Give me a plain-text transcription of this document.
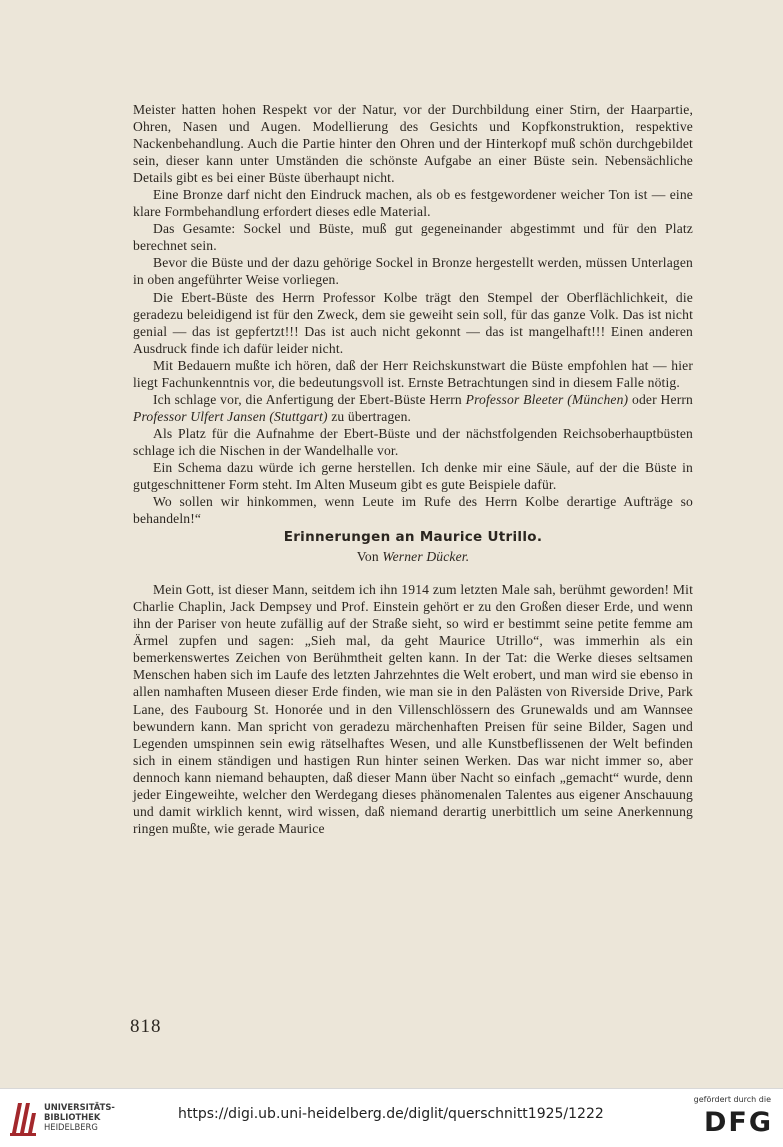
Meister hatten hohen Respekt vor der Natur, vor der Durchbildung einer Stirn, der Haarpartie, Ohren, Nasen und Augen. Modellierung des Gesichts und Kopfkonstruktion, respektive Nackenbehandlung. Auch die Partie hinter den Ohren und der Hinterkopf muß schön durchgebildet sein, dieser kann unter Umständen die schönste Aufgabe an einer Büste sein. Nebensächliche Details gibt es bei einer Büste überhaupt nicht.

Eine Bronze darf nicht den Eindruck machen, als ob es festgewordener weicher Ton ist — eine klare Formbehandlung erfordert dieses edle Material.

Das Gesamte: Sockel und Büste, muß gut gegeneinander abgestimmt und für den Platz berechnet sein.

Bevor die Büste und der dazu gehörige Sockel in Bronze hergestellt werden, müssen Unterlagen in oben angeführter Weise vorliegen.

Die Ebert-Büste des Herrn Professor Kolbe trägt den Stempel der Oberflächlichkeit, die geradezu beleidigend ist für den Zweck, dem sie geweiht sein soll, für das ganze Volk. Das ist nicht genial — das ist gepfertzt!!! Das ist auch nicht gekonnt — das ist mangelhaft!!! Einen anderen Ausdruck finde ich dafür leider nicht.

Mit Bedauern mußte ich hören, daß der Herr Reichskunstwart die Büste empfohlen hat — hier liegt Fachunkenntnis vor, die bedeutungsvoll ist. Ernste Betrachtungen sind in diesem Falle nötig.

Ich schlage vor, die Anfertigung der Ebert-Büste Herrn Professor Bleeter (München) oder Herrn Professor Ulfert Jansen (Stuttgart) zu übertragen.

Als Platz für die Aufnahme der Ebert-Büste und der nächstfolgenden Reichsoberhauptbüsten schlage ich die Nischen in der Wandelhalle vor.

Ein Schema dazu würde ich gerne herstellen. Ich denke mir eine Säule, auf der die Büste in gutgeschnittener Form steht. Im Alten Museum gibt es gute Beispiele dafür.

Wo sollen wir hinkommen, wenn Leute im Rufe des Herrn Kolbe derartige Aufträge so behandeln!“

Erinnerungen an Maurice Utrillo.

Von Werner Dücker.

Mein Gott, ist dieser Mann, seitdem ich ihn 1914 zum letzten Male sah, berühmt geworden! Mit Charlie Chaplin, Jack Dempsey und Prof. Einstein gehört er zu den Großen dieser Erde, und wenn ihn der Pariser von heute zufällig auf der Straße sieht, so wird er bestimmt seine petite femme am Ärmel zupfen und sagen: „Sieh mal, da geht Maurice Utrillo“, was immerhin als ein bemerkenswertes Zeichen von Berühmtheit gelten kann. In der Tat: die Werke dieses seltsamen Menschen haben sich im Laufe des letzten Jahrzehntes die Welt erobert, und man wird sie ebenso in allen namhaften Museen dieser Erde finden, wie man sie in den Palästen von Riverside Drive, Park Lane, des Faubourg St. Honorée und in den Villenschlössern des Grunewalds und am Wannsee bewundern kann. Man spricht von geradezu märchenhaften Preisen für seine Bilder, Sagen und Legenden umspinnen sein ewig rätselhaftes Wesen, und alle Kunstbeflissenen der Welt befinden sich in einem ständigen und hastigen Run hinter seinen Werken. Das war nicht immer so, aber dennoch kann niemand behaupten, daß dieser Mann über Nacht so einfach „gemacht“ wurde, denn jeder Eingeweihte, welcher den Werdegang dieses phänomenalen Talentes aus eigener Anschauung und damit wirklich kennt, wird wissen, daß niemand derartig unerbittlich um seine Anerkennung ringen mußte, wie gerade Maurice

818
UNIVERSITÄTS-
BIBLIOTHEK
HEIDELBERG
https://digi.ub.uni-heidelberg.de/diglit/querschnitt1925/1222
gefördert durch die
DFG
